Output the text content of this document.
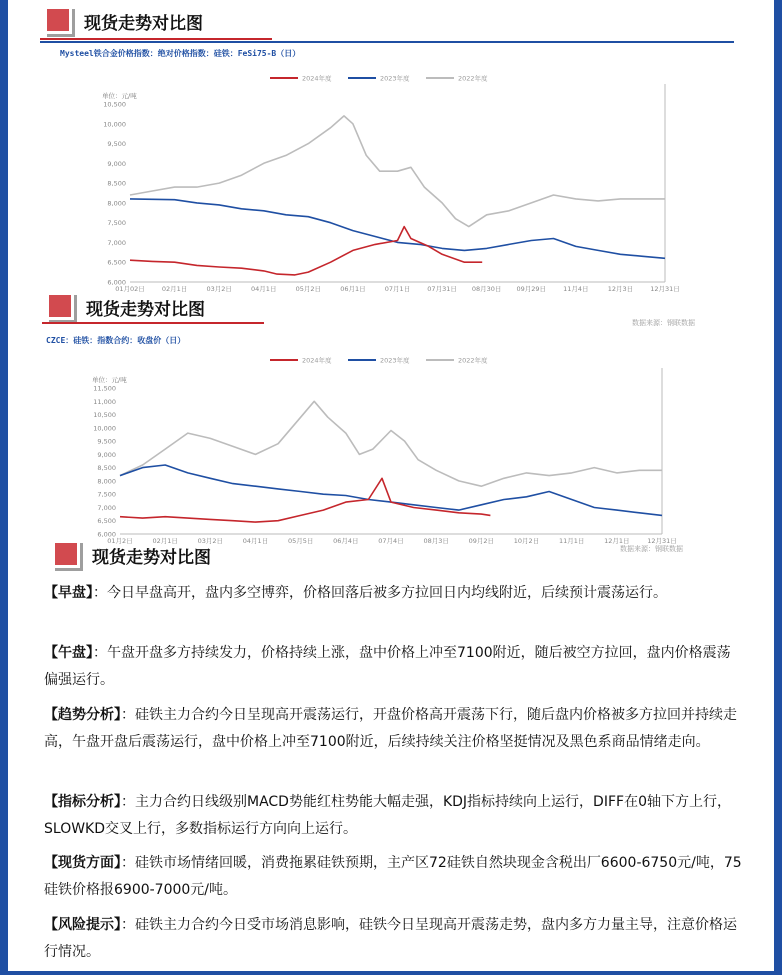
现货走势对比图
Mysteel铁合金价格指数：绝对价格指数：硅铁：FeSi75-B（日）
2024年度	2023年度	2022年度
单位：元/吨
6,000
6,500
7,000
7,500
8,000
8,500
9,000
9,500
10,000
10,500
01月02日	02月1日	03月2日	04月1日	05月2日	06月1日	07月1日	07月31日 08月30日 09月29日	11月4日	12月3日	12月31日
现货走势对比图
数据来源：钢联数据
CZCE：硅铁：指数合约：收盘价（日）
2024年度	2023年度	2022年度
单位：元/吨
6,000
6,500
7,000
7,500
8,000
8,500
9,000
9,500
10,000
10,500
11,000
11,500
01月2日	02月1日	03月2日	04月1日	05月5日	06月4日	07月4日	08月3日	09月2日	10月2日	11月1日	12月1日	12月31日
现货走势对比图	数据来源：钢联数据
【早盘】：今日早盘高开，盘内多空博弈，价格回落后被多方拉回日内均线附近，后续预计震荡运行。
【午盘】：午盘开盘多方持续发力，价格持续上涨，盘中价格上冲至7100附近，随后被空方拉回，盘内价格震荡偏强运行。
【趋势分析】：硅铁主力合约今日呈现高开震荡运行，开盘价格高开震荡下行，随后盘内价格被多方拉回并持续走高，午盘开盘后震荡运行，盘中价格上冲至7100附近，后续持续关注价格坚挺情况及黑色系商品情绪走向。
【指标分析】：主力合约日线级别MACD势能红柱势能大幅走强，KDJ指标持续向上运行，DIFF在0轴下方上行，SLOWKD交叉上行，多数指标运行方向向上运行。
【现货方面】：硅铁市场情绪回暖，消费拖累硅铁预期，主产区72硅铁自然块现金含税出厂6600-6750元/吨，75硅铁价格报6900-7000元/吨。
【风险提示】：硅铁主力合约今日受市场消息影响，硅铁今日呈现高开震荡走势，盘内多方力量主导，注意价格运行情况。
